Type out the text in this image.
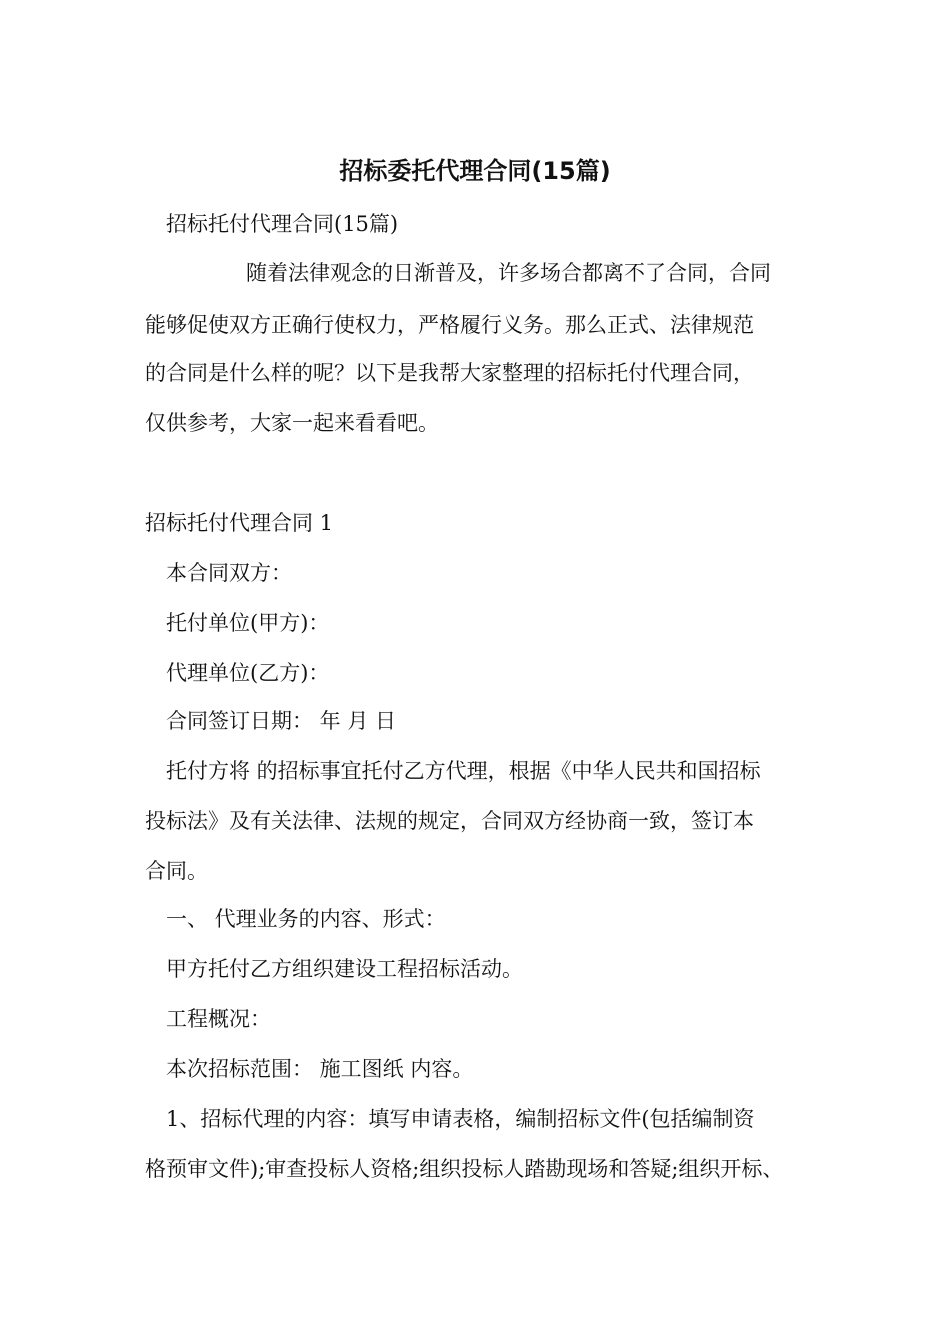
招标委托代理合同(15篇)
招标托付代理合同(15篇)
随着法律观念的日渐普及，许多场合都离不了合同，合同
能够促使双方正确行使权力，严格履行义务。那么正式、法律规范
的合同是什么样的呢？以下是我帮大家整理的招标托付代理合同，
仅供参考，大家一起来看看吧。
招标托付代理合同 1
本合同双方：
托付单位(甲方)：
代理单位(乙方)：
合同签订日期： 年 月 日
托付方将 的招标事宜托付乙方代理，根据《中华人民共和国招标
投标法》及有关法律、法规的规定，合同双方经协商一致，签订本
合同。
一、 代理业务的内容、形式：
甲方托付乙方组织建设工程招标活动。
工程概况：
本次招标范围： 施工图纸 内容。
1、招标代理的内容：填写申请表格，编制招标文件(包括编制资
格预审文件);审查投标人资格;组织投标人踏勘现场和答疑;组织开标、
